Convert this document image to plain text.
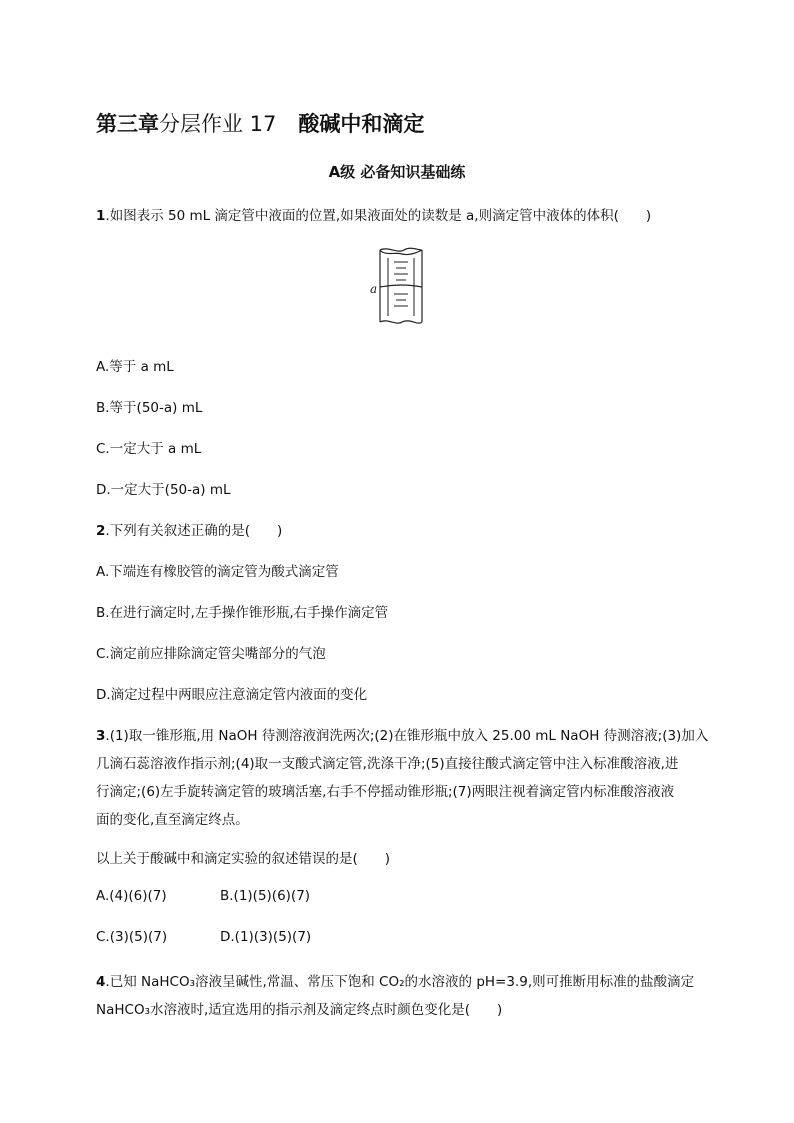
第三章分层作业 17 酸碱中和滴定
A级 必备知识基础练
1.如图表示 50 mL 滴定管中液面的位置,如果液面处的读数是 a,则滴定管中液体的体积(　　)
a
A.等于 a mL
B.等于(50-a) mL
C.一定大于 a mL
D.一定大于(50-a) mL
2.下列有关叙述正确的是(　　)
A.下端连有橡胶管的滴定管为酸式滴定管
B.在进行滴定时,左手操作锥形瓶,右手操作滴定管
C.滴定前应排除滴定管尖嘴部分的气泡
D.滴定过程中两眼应注意滴定管内液面的变化
3.(1)取一锥形瓶,用 NaOH 待测溶液润洗两次;(2)在锥形瓶中放入 25.00 mL NaOH 待测溶液;(3)加入
几滴石蕊溶液作指示剂;(4)取一支酸式滴定管,洗涤干净;(5)直接往酸式滴定管中注入标准酸溶液,进
行滴定;(6)左手旋转滴定管的玻璃活塞,右手不停摇动锥形瓶;(7)两眼注视着滴定管内标准酸溶液液
面的变化,直至滴定终点。
以上关于酸碱中和滴定实验的叙述错误的是(　　)
A.(4)(6)(7)	B.(1)(5)(6)(7)
C.(3)(5)(7)	D.(1)(3)(5)(7)
4.已知 NaHCO₃溶液呈碱性,常温、常压下饱和 CO₂的水溶液的 pH=3.9,则可推断用标准的盐酸滴定
NaHCO₃水溶液时,适宜选用的指示剂及滴定终点时颜色变化是(　　)
